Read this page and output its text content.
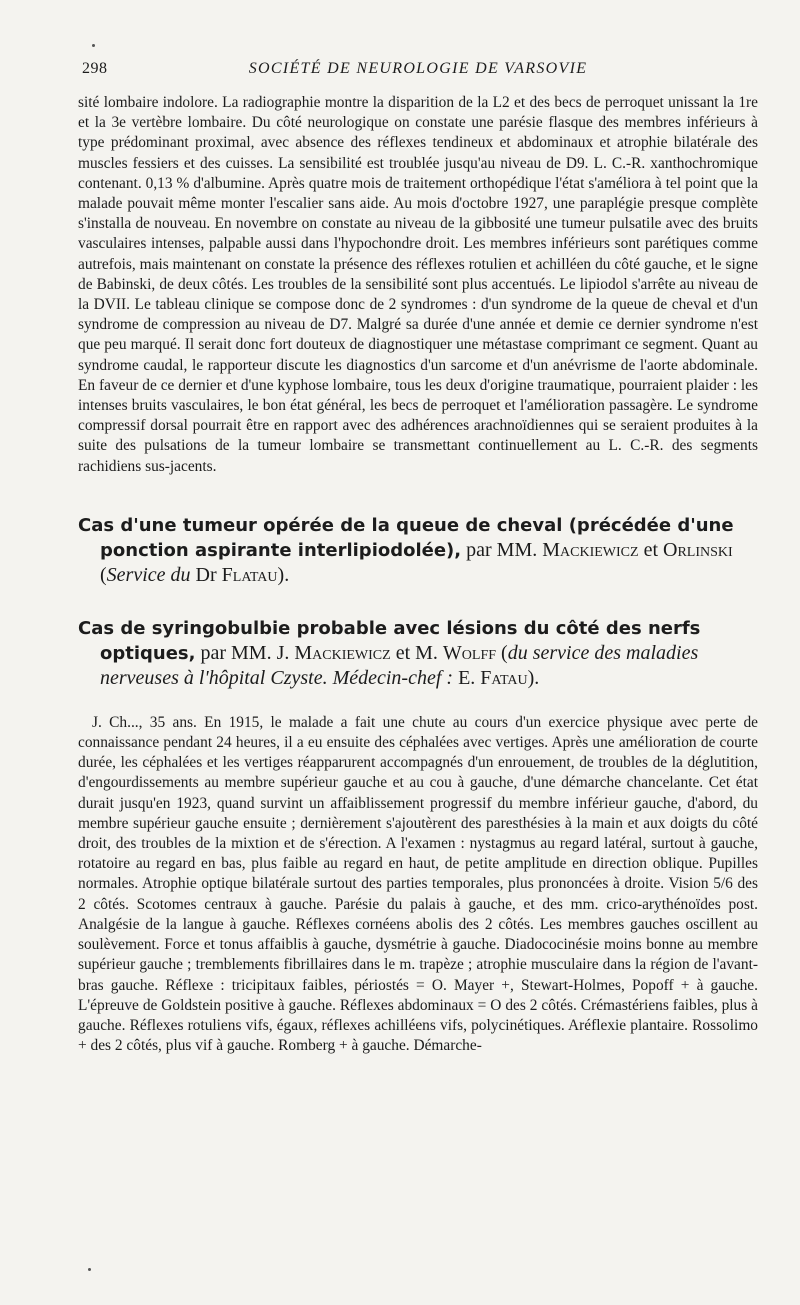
298	SOCIÉTÉ DE NEUROLOGIE DE VARSOVIE

sité lombaire indolore. La radiographie montre la disparition de la L2 et des becs de perroquet unissant la 1re et la 3e vertèbre lombaire. Du côté neurologique on constate une parésie flasque des membres inférieurs à type prédominant proximal, avec absence des réflexes tendineux et abdominaux et atrophie bilatérale des muscles fessiers et des cuisses. La sensibilité est troublée jusqu'au niveau de D9. L. C.-R. xanthochromique contenant. 0,13 % d'albumine. Après quatre mois de traitement orthopédique l'état s'améliora à tel point que la malade pouvait même monter l'escalier sans aide. Au mois d'octobre 1927, une paraplégie presque complète s'installa de nouveau. En novembre on constate au niveau de la gibbosité une tumeur pulsatile avec des bruits vasculaires intenses, palpable aussi dans l'hypochondre droit. Les membres inférieurs sont parétiques comme autrefois, mais maintenant on constate la présence des réflexes rotulien et achilléen du côté gauche, et le signe de Babinski, de deux côtés. Les troubles de la sensibilité sont plus accentués. Le lipiodol s'arrête au niveau de la DVII. Le tableau clinique se compose donc de 2 syndromes : d'un syndrome de la queue de cheval et d'un syndrome de compression au niveau de D7. Malgré sa durée d'une année et demie ce dernier syndrome n'est que peu marqué. Il serait donc fort douteux de diagnostiquer une métastase comprimant ce segment. Quant au syndrome caudal, le rapporteur discute les diagnostics d'un sarcome et d'un anévrisme de l'aorte abdominale. En faveur de ce dernier et d'une kyphose lombaire, tous les deux d'origine traumatique, pourraient plaider : les intenses bruits vasculaires, le bon état général, les becs de perroquet et l'amélioration passagère. Le syndrome compressif dorsal pourrait être en rapport avec des adhérences arachnoïdiennes qui se seraient produites à la suite des pulsations de la tumeur lombaire se transmettant continuellement au L. C.-R. des segments rachidiens sus-jacents.

Cas d'une tumeur opérée de la queue de cheval (précédée d'une ponction aspirante interlipiodolée), par MM. Mackiewicz et Orlinski (Service du Dr Flatau).
Cas de syringobulbie probable avec lésions du côté des nerfs optiques, par MM. J. Mackiewicz et M. Wolff (du service des maladies nerveuses à l'hôpital Czyste. Médecin-chef : E. Fatau).

J. Ch..., 35 ans. En 1915, le malade a fait une chute au cours d'un exercice physique avec perte de connaissance pendant 24 heures, il a eu ensuite des céphalées avec vertiges. Après une amélioration de courte durée, les céphalées et les vertiges réapparurent accompagnés d'un enrouement, de troubles de la déglutition, d'engourdissements au membre supérieur gauche et au cou à gauche, d'une démarche chancelante. Cet état durait jusqu'en 1923, quand survint un affaiblissement progressif du membre inférieur gauche, d'abord, du membre supérieur gauche ensuite ; dernièrement s'ajoutèrent des paresthésies à la main et aux doigts du côté droit, des troubles de la mixtion et de s'érection. A l'examen : nystagmus au regard latéral, surtout à gauche, rotatoire au regard en bas, plus faible au regard en haut, de petite amplitude en direction oblique. Pupilles normales. Atrophie optique bilatérale surtout des parties temporales, plus prononcées à droite. Vision 5/6 des 2 côtés. Scotomes centraux à gauche. Parésie du palais à gauche, et des mm. crico-arythénoïdes post. Analgésie de la langue à gauche. Réflexes cornéens abolis des 2 côtés. Les membres gauches oscillent au soulèvement. Force et tonus affaiblis à gauche, dysmétrie à gauche. Diadococinésie moins bonne au membre supérieur gauche ; tremblements fibrillaires dans le m. trapèze ; atrophie musculaire dans la région de l'avant-bras gauche. Réflexe : tricipitaux faibles, périostés = O. Mayer +, Stewart-Holmes, Popoff + à gauche. L'épreuve de Goldstein positive à gauche. Réflexes abdominaux = O des 2 côtés. Crémastériens faibles, plus à gauche. Réflexes rotuliens vifs, égaux, réflexes achilléens vifs, polycinétiques. Aréflexie plantaire. Rossolimo + des 2 côtés, plus vif à gauche. Romberg + à gauche. Démarche-
